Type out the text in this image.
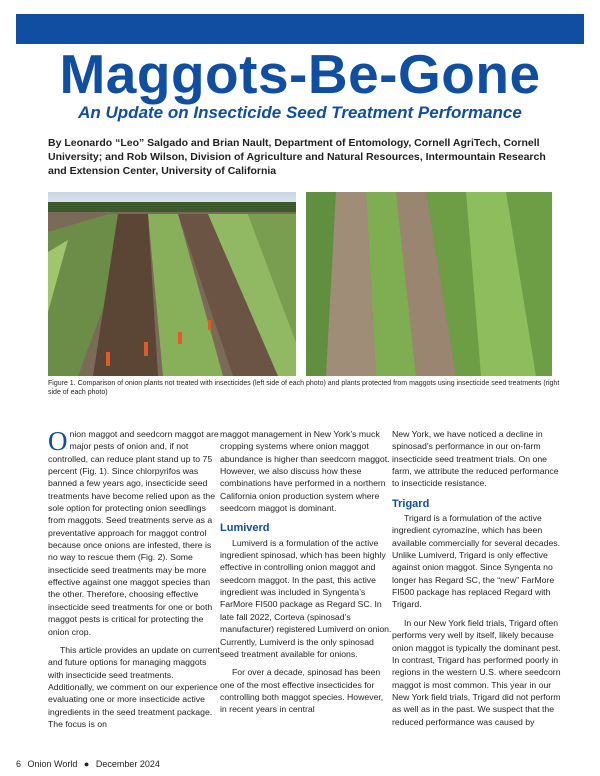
Maggots-Be-Gone
An Update on Insecticide Seed Treatment Performance
By Leonardo “Leo” Salgado and Brian Nault, Department of Entomology, Cornell AgriTech, Cornell University; and Rob Wilson, Division of Agriculture and Natural Resources, Intermountain Research and Extension Center, University of California
Figure 1. Comparison of onion plants not treated with insecticides (left side of each photo) and plants protected from maggots using insecticide seed treatments (right side of each photo)

Onion maggot and seedcorn maggot are major pests of onion and, if not controlled, can reduce plant stand up to 75 percent (Fig. 1). Since chlorpyrifos was banned a few years ago, insecticide seed treatments have become relied upon as the sole option for protecting onion seedlings from maggots. Seed treatments serve as a preventative approach for maggot control because once onions are infested, there is no way to rescue them (Fig. 2). Some insecticide seed treatments may be more effective against one maggot species than the other. Therefore, choosing effective insecticide seed treatments for one or both maggot pests is critical for protecting the onion crop.

This article provides an update on current and future options for managing maggots with insecticide seed treatments. Additionally, we comment on our experience evaluating one or more insecticide active ingredients in the seed treatment package. The focus is on

maggot management in New York’s muck cropping systems where onion maggot abundance is higher than seedcorn maggot. However, we also discuss how these combinations have performed in a northern California onion production system where seedcorn maggot is dominant.

Lumiverd

Lumiverd is a formulation of the active ingredient spinosad, which has been highly effective in controlling onion maggot and seedcorn maggot. In the past, this active ingredient was included in Syngenta’s FarMore FI500 package as Regard SC. In late fall 2022, Corteva (spinosad’s manufacturer) registered Lumiverd on onion. Currently, Lumiverd is the only spinosad seed treatment available for onions.

For over a decade, spinosad has been one of the most effective insecticides for controlling both maggot species. However, in recent years in central

New York, we have noticed a decline in spinosad’s performance in our on-farm insecticide seed treatment trials. On one farm, we attribute the reduced performance to insecticide resistance.

Trigard

Trigard is a formulation of the active ingredient cyromazine, which has been available commercially for several decades. Unlike Lumiverd, Trigard is only effective against onion maggot. Since Syngenta no longer has Regard SC, the “new” FarMore FI500 package has replaced Regard with Trigard.

In our New York field trials, Trigard often performs very well by itself, likely because onion maggot is typically the dominant pest. In contrast, Trigard has performed poorly in regions in the western U.S. where seedcorn maggot is most common. This year in our New York field trials, Trigard did not perform as well as in the past. We suspect that the reduced performance was caused by

6 Onion World ● December 2024
